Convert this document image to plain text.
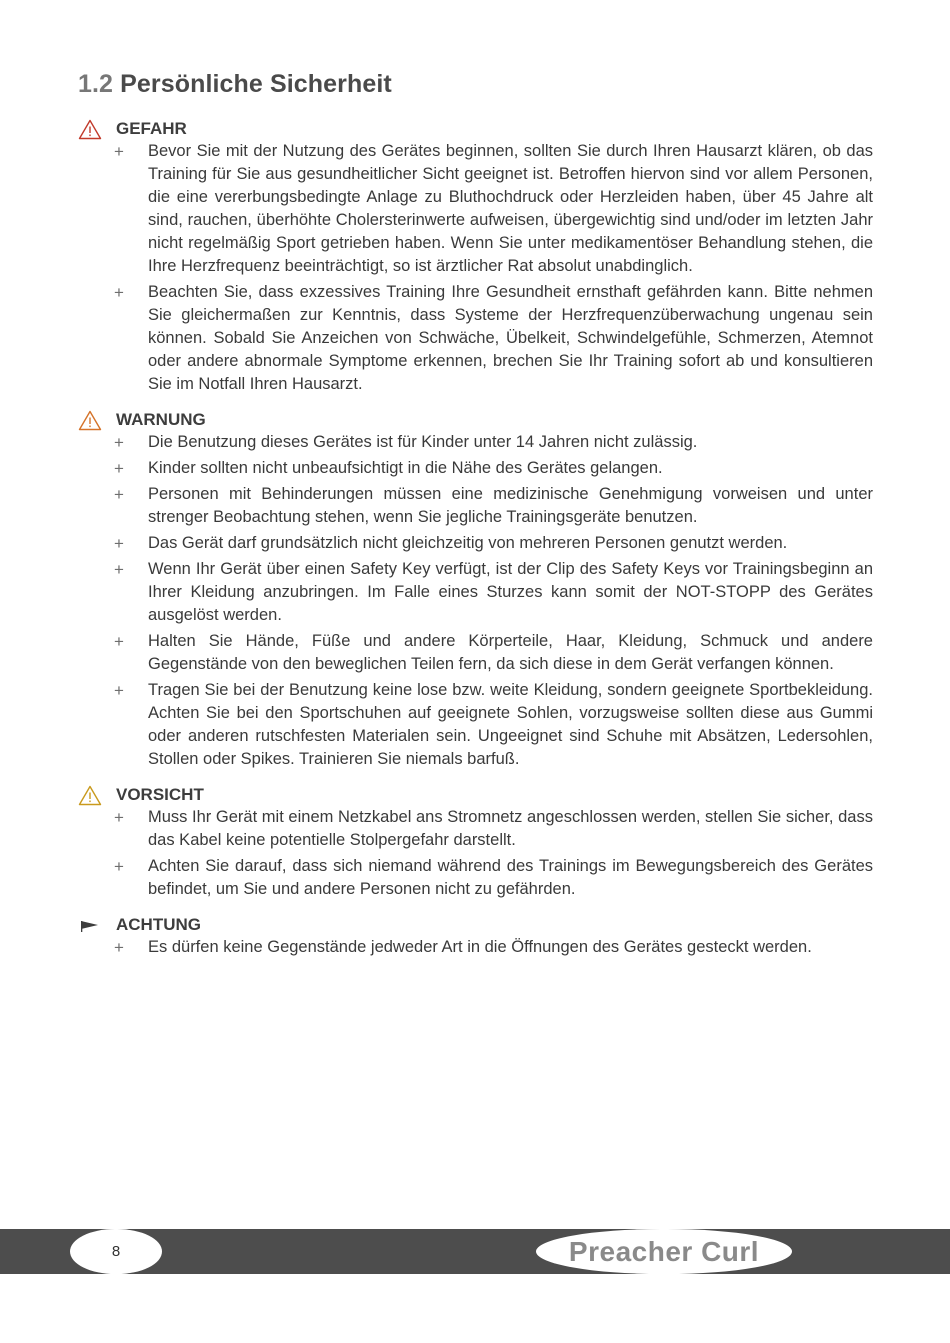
1.2 Persönliche Sicherheit
GEFAHR
+ Bevor Sie mit der Nutzung des Gerätes beginnen, sollten Sie durch Ihren Hausarzt klären, ob das Training für Sie aus gesundheitlicher Sicht geeignet ist. Betroffen hiervon sind vor allem Personen, die eine vererbungsbedingte Anlage zu Bluthochdruck oder Herzleiden haben, über 45 Jahre alt sind, rauchen, überhöhte Cholersterinwerte aufweisen, übergewichtig sind und/oder im letzten Jahr nicht regelmäßig Sport getrieben haben. Wenn Sie unter medikamentöser Behandlung stehen, die Ihre Herzfrequenz beeinträchtigt, so ist ärztlicher Rat absolut unabdinglich.
+ Beachten Sie, dass exzessives Training Ihre Gesundheit ernsthaft gefährden kann. Bitte nehmen Sie gleichermaßen zur Kenntnis, dass Systeme der Herzfrequenzüberwachung ungenau sein können. Sobald Sie Anzeichen von Schwäche, Übelkeit, Schwindelgefühle, Schmerzen, Atemnot oder andere abnormale Symptome erkennen, brechen Sie Ihr Training sofort ab und konsultieren Sie im Notfall Ihren Hausarzt.
WARNUNG
+ Die Benutzung dieses Gerätes ist für Kinder unter 14 Jahren nicht zulässig.
+ Kinder sollten nicht unbeaufsichtigt in die Nähe des Gerätes gelangen.
+ Personen mit Behinderungen müssen eine medizinische Genehmigung vorweisen und unter strenger Beobachtung stehen, wenn Sie jegliche Trainingsgeräte benutzen.
+ Das Gerät darf grundsätzlich nicht gleichzeitig von mehreren Personen genutzt werden.
+ Wenn Ihr Gerät über einen Safety Key verfügt, ist der Clip des Safety Keys vor Trainingsbeginn an Ihrer Kleidung anzubringen. Im Falle eines Sturzes kann somit der NOT-STOPP des Gerätes ausgelöst werden.
+ Halten Sie Hände, Füße und andere Körperteile, Haar, Kleidung, Schmuck und andere Gegenstände von den beweglichen Teilen fern, da sich diese in dem Gerät verfangen können.
+ Tragen Sie bei der Benutzung keine lose bzw. weite Kleidung, sondern geeignete Sportbekleidung. Achten Sie bei den Sportschuhen auf geeignete Sohlen, vorzugsweise sollten diese aus Gummi oder anderen rutschfesten Materialen sein. Ungeeignet sind Schuhe mit Absätzen, Ledersohlen, Stollen oder Spikes. Trainieren Sie niemals barfuß.
VORSICHT
+ Muss Ihr Gerät mit einem Netzkabel ans Stromnetz angeschlossen werden, stellen Sie sicher, dass das Kabel keine potentielle Stolpergefahr darstellt.
+ Achten Sie darauf, dass sich niemand während des Trainings im Bewegungsbereich des Gerätes befindet, um Sie und andere Personen nicht zu gefährden.
ACHTUNG
+ Es dürfen keine Gegenstände jedweder Art in die Öffnungen des Gerätes gesteckt werden.
8	Preacher Curl
